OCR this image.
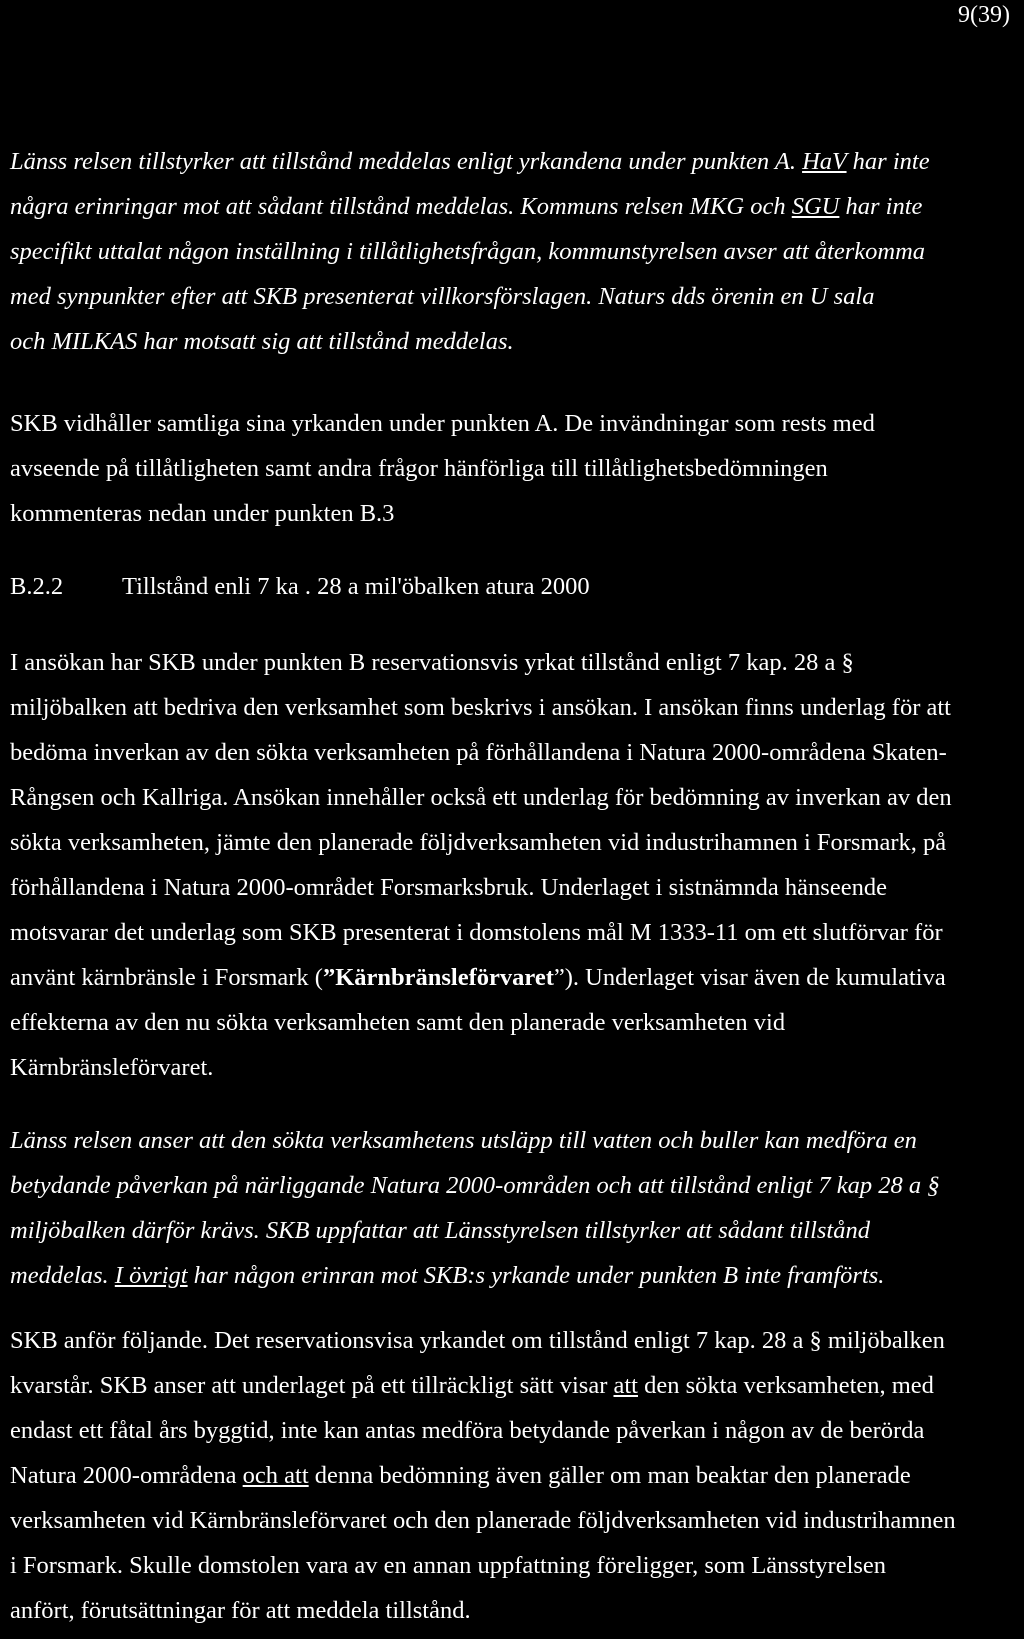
9(39)
Länss relsen tillstyrker att tillstånd meddelas enligt yrkandena under punkten A. HaV har inte
några erinringar mot att sådant tillstånd meddelas. Kommuns relsen MKG och SGU har inte
specifikt uttalat någon inställning i tillåtlighetsfrågan, kommunstyrelsen avser att återkomma
med synpunkter efter att SKB presenterat villkorsförslagen. Naturs dds örenin en U sala
och MILKAS har motsatt sig att tillstånd meddelas.
SKB vidhåller samtliga sina yrkanden under punkten A. De invändningar som rests med
avseende på tillåtligheten samt andra frågor hänförliga till tillåtlighetsbedömningen
kommenteras nedan under punkten B.3
B.2.2 Tillstånd enli 7 ka . 28 a mil'öbalken atura 2000
I ansökan har SKB under punkten B reservationsvis yrkat tillstånd enligt 7 kap. 28 a §
miljöbalken att bedriva den verksamhet som beskrivs i ansökan. I ansökan finns underlag för att
bedöma inverkan av den sökta verksamheten på förhållandena i Natura 2000-områdena Skaten-
Rångsen och Kallriga. Ansökan innehåller också ett underlag för bedömning av inverkan av den
sökta verksamheten, jämte den planerade följdverksamheten vid industrihamnen i Forsmark, på
förhållandena i Natura 2000-området Forsmarksbruk. Underlaget i sistnämnda hänseende
motsvarar det underlag som SKB presenterat i domstolens mål M 1333-11 om ett slutförvar för
använt kärnbränsle i Forsmark (”Kärnbränsleförvaret”). Underlaget visar även de kumulativa
effekterna av den nu sökta verksamheten samt den planerade verksamheten vid
Kärnbränsleförvaret.
Länss relsen anser att den sökta verksamhetens utsläpp till vatten och buller kan medföra en
betydande påverkan på närliggande Natura 2000-områden och att tillstånd enligt 7 kap 28 a §
miljöbalken därför krävs. SKB uppfattar att Länsstyrelsen tillstyrker att sådant tillstånd
meddelas. I övrigt har någon erinran mot SKB:s yrkande under punkten B inte framförts.
SKB anför följande. Det reservationsvisa yrkandet om tillstånd enligt 7 kap. 28 a § miljöbalken
kvarstår. SKB anser att underlaget på ett tillräckligt sätt visar att den sökta verksamheten, med
endast ett fåtal års byggtid, inte kan antas medföra betydande påverkan i någon av de berörda
Natura 2000-områdena och att denna bedömning även gäller om man beaktar den planerade
verksamheten vid Kärnbränsleförvaret och den planerade följdverksamheten vid industrihamnen
i Forsmark. Skulle domstolen vara av en annan uppfattning föreligger, som Länsstyrelsen
anfört, förutsättningar för att meddela tillstånd.
